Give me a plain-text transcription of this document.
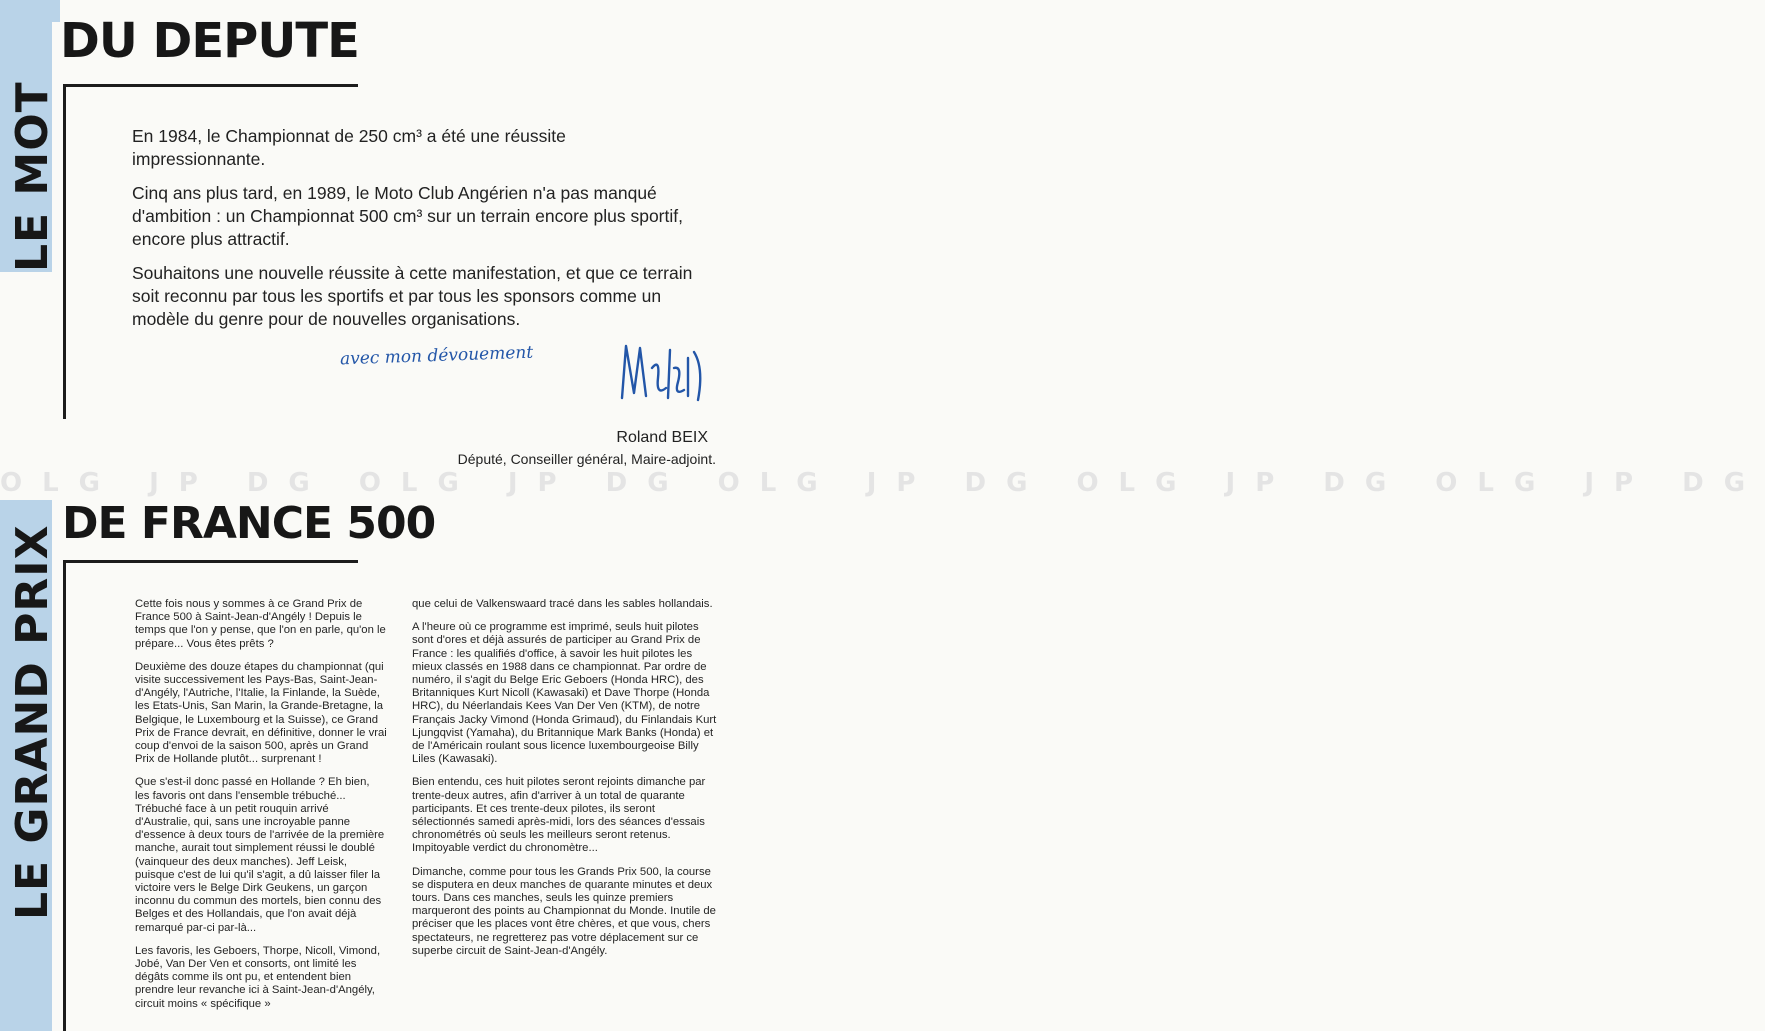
LE MOT
DU DEPUTE

En 1984, le Championnat de 250 cm³ a été une réussite impressionnante.

Cinq ans plus tard, en 1989, le Moto Club Angérien n'a pas manqué d'ambition : un Championnat 500 cm³ sur un terrain encore plus sportif, encore plus attractif.

Souhaitons une nouvelle réussite à cette manifestation, et que ce terrain soit reconnu par tous les sportifs et par tous les sponsors comme un modèle du genre pour de nouvelles organisations.

avec mon dévouement
Roland BEIX
Député, Conseiller général, Maire-adjoint.
OLG JP DG OLG JP DG OLG JP DG OLG JP DG OLG JP DG
LE GRAND PRIX
DE FRANCE 500

Cette fois nous y sommes à ce Grand Prix de France 500 à Saint-Jean-d'Angély ! Depuis le temps que l'on y pense, que l'on en parle, qu'on le prépare... Vous êtes prêts ?

Deuxième des douze étapes du championnat (qui visite successivement les Pays-Bas, Saint-Jean-d'Angély, l'Autriche, l'Italie, la Finlande, la Suède, les Etats-Unis, San Marin, la Grande-Bretagne, la Belgique, le Luxembourg et la Suisse), ce Grand Prix de France devrait, en définitive, donner le vrai coup d'envoi de la saison 500, après un Grand Prix de Hollande plutôt... surprenant !

Que s'est-il donc passé en Hollande ? Eh bien, les favoris ont dans l'ensemble trébuché... Trébuché face à un petit rouquin arrivé d'Australie, qui, sans une incroyable panne d'essence à deux tours de l'arrivée de la première manche, aurait tout simplement réussi le doublé (vainqueur des deux manches). Jeff Leisk, puisque c'est de lui qu'il s'agit, a dû laisser filer la victoire vers le Belge Dirk Geukens, un garçon inconnu du commun des mortels, bien connu des Belges et des Hollandais, que l'on avait déjà remarqué par-ci par-là...

Les favoris, les Geboers, Thorpe, Nicoll, Vimond, Jobé, Van Der Ven et consorts, ont limité les dégâts comme ils ont pu, et entendent bien prendre leur revanche ici à Saint-Jean-d'Angély, circuit moins « spécifique »

que celui de Valkenswaard tracé dans les sables hollandais.

A l'heure où ce programme est imprimé, seuls huit pilotes sont d'ores et déjà assurés de participer au Grand Prix de France : les qualifiés d'office, à savoir les huit pilotes les mieux classés en 1988 dans ce championnat. Par ordre de numéro, il s'agit du Belge Eric Geboers (Honda HRC), des Britanniques Kurt Nicoll (Kawasaki) et Dave Thorpe (Honda HRC), du Néerlandais Kees Van Der Ven (KTM), de notre Français Jacky Vimond (Honda Grimaud), du Finlandais Kurt Ljungqvist (Yamaha), du Britannique Mark Banks (Honda) et de l'Américain roulant sous licence luxembourgeoise Billy Liles (Kawasaki).

Bien entendu, ces huit pilotes seront rejoints dimanche par trente-deux autres, afin d'arriver à un total de quarante participants. Et ces trente-deux pilotes, ils seront sélectionnés samedi après-midi, lors des séances d'essais chronométrés où seuls les meilleurs seront retenus. Impitoyable verdict du chronomètre...

Dimanche, comme pour tous les Grands Prix 500, la course se disputera en deux manches de quarante minutes et deux tours. Dans ces manches, seuls les quinze premiers marqueront des points au Championnat du Monde. Inutile de préciser que les places vont être chères, et que vous, chers spectateurs, ne regretterez pas votre déplacement sur ce superbe circuit de Saint-Jean-d'Angély.
